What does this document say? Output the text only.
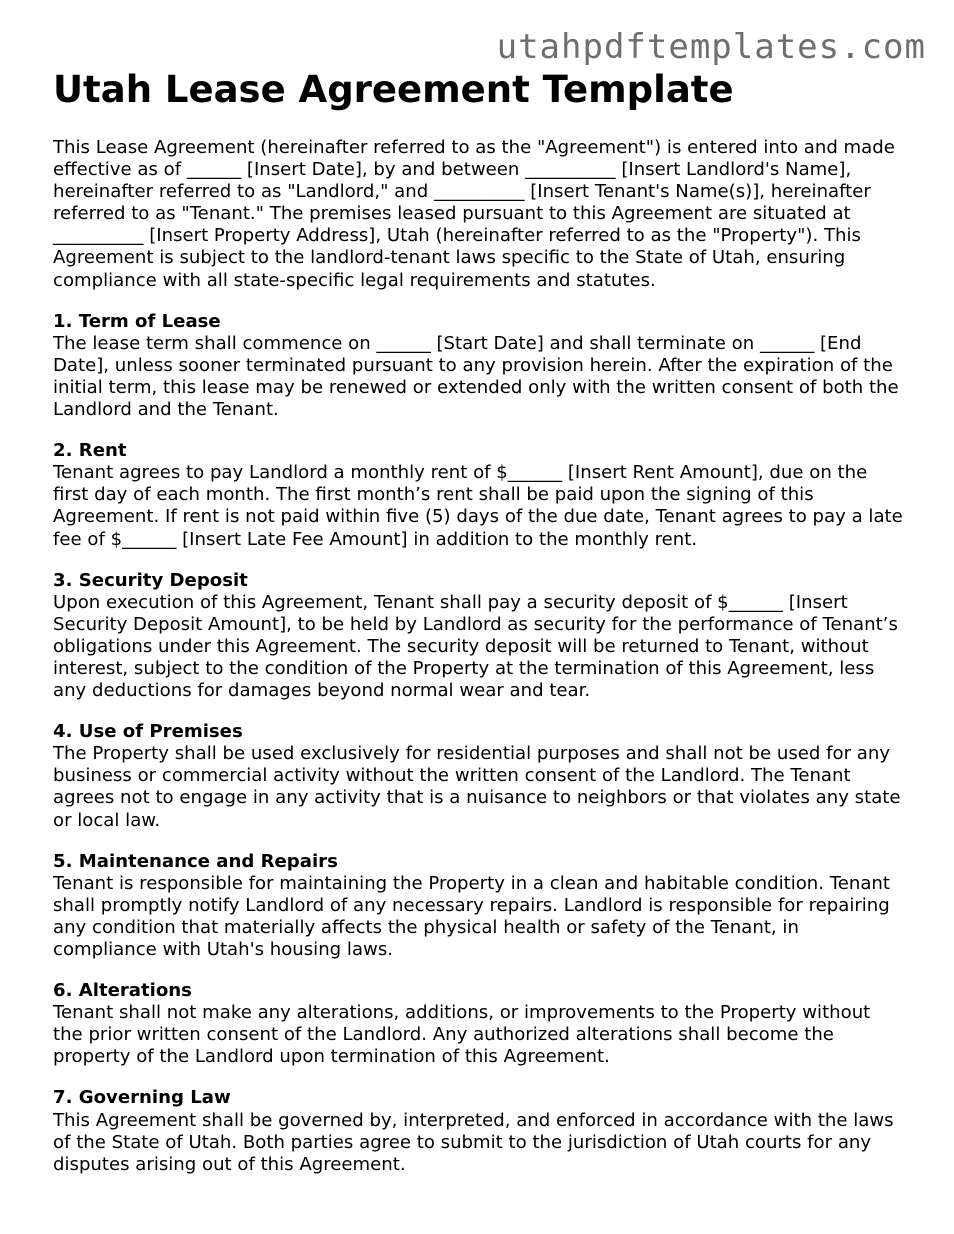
utahpdftemplates.com
Utah Lease Agreement Template

This Lease Agreement (hereinafter referred to as the "Agreement") is entered into and made effective as of ______ [Insert Date], by and between __________ [Insert Landlord's Name], hereinafter referred to as "Landlord," and __________ [Insert Tenant's Name(s)], hereinafter referred to as "Tenant." The premises leased pursuant to this Agreement are situated at __________ [Insert Property Address], Utah (hereinafter referred to as the "Property"). This Agreement is subject to the landlord-tenant laws specific to the State of Utah, ensuring compliance with all state-specific legal requirements and statutes.

1. Term of Lease

The lease term shall commence on ______ [Start Date] and shall terminate on ______ [End Date], unless sooner terminated pursuant to any provision herein. After the expiration of the initial term, this lease may be renewed or extended only with the written consent of both the Landlord and the Tenant.

2. Rent

Tenant agrees to pay Landlord a monthly rent of $______ [Insert Rent Amount], due on the first day of each month. The first month’s rent shall be paid upon the signing of this Agreement. If rent is not paid within five (5) days of the due date, Tenant agrees to pay a late fee of $______ [Insert Late Fee Amount] in addition to the monthly rent.

3. Security Deposit

Upon execution of this Agreement, Tenant shall pay a security deposit of $______ [Insert Security Deposit Amount], to be held by Landlord as security for the performance of Tenant’s obligations under this Agreement. The security deposit will be returned to Tenant, without interest, subject to the condition of the Property at the termination of this Agreement, less any deductions for damages beyond normal wear and tear.

4. Use of Premises

The Property shall be used exclusively for residential purposes and shall not be used for any business or commercial activity without the written consent of the Landlord. The Tenant agrees not to engage in any activity that is a nuisance to neighbors or that violates any state or local law.

5. Maintenance and Repairs

Tenant is responsible for maintaining the Property in a clean and habitable condition. Tenant shall promptly notify Landlord of any necessary repairs. Landlord is responsible for repairing any condition that materially affects the physical health or safety of the Tenant, in compliance with Utah's housing laws.

6. Alterations

Tenant shall not make any alterations, additions, or improvements to the Property without the prior written consent of the Landlord. Any authorized alterations shall become the property of the Landlord upon termination of this Agreement.

7. Governing Law

This Agreement shall be governed by, interpreted, and enforced in accordance with the laws of the State of Utah. Both parties agree to submit to the jurisdiction of Utah courts for any disputes arising out of this Agreement.
